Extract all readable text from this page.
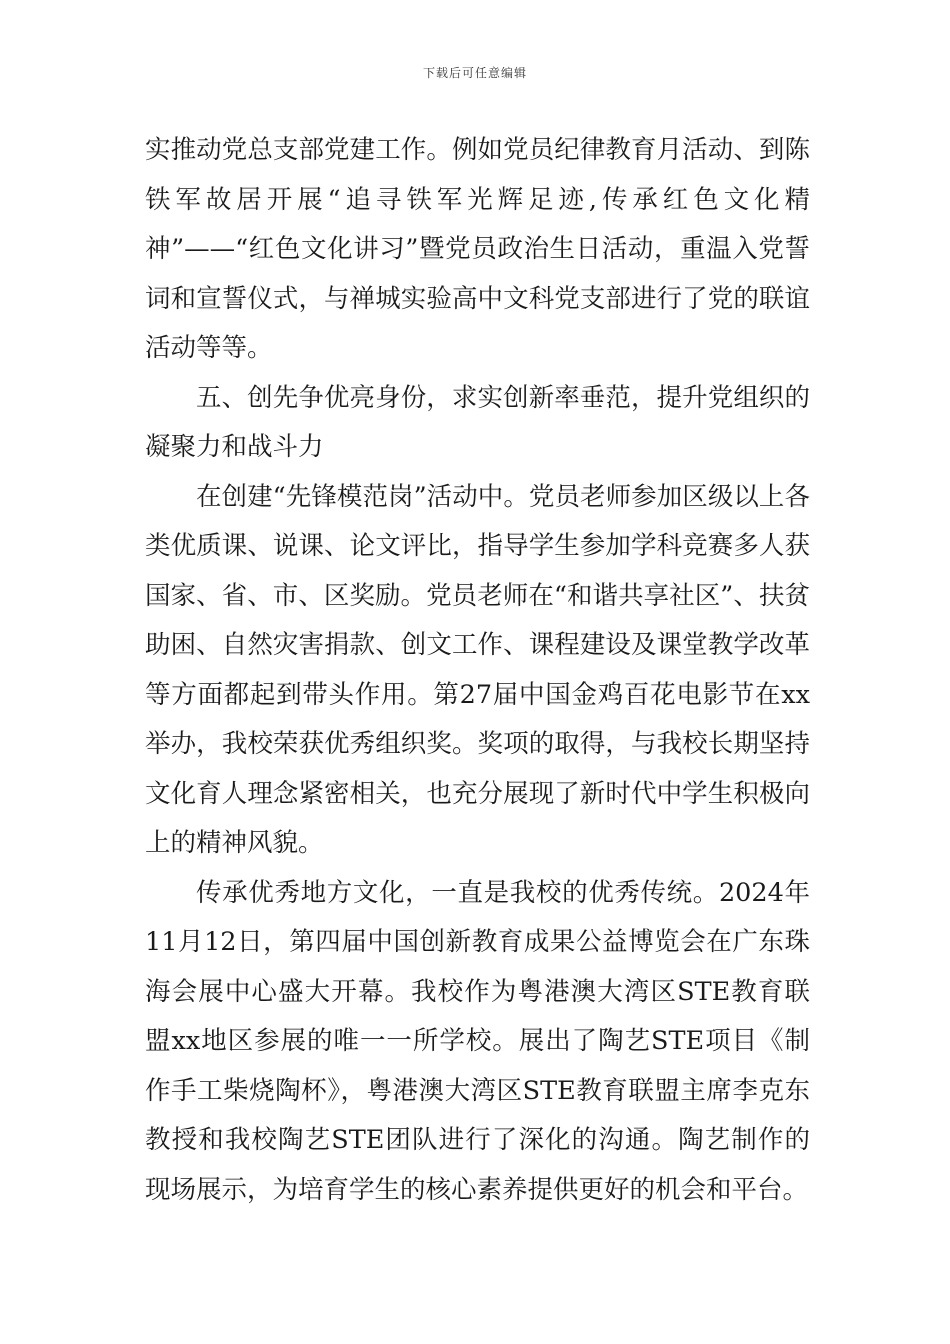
下载后可任意编辑

实推动党总支部党建工作。例如党员纪律教育月活动、到陈铁军故居开展“追寻铁军光辉足迹,传承红色文化精神”——“红色文化讲习”暨党员政治生日活动，重温入党誓词和宣誓仪式，与禅城实验高中文科党支部进行了党的联谊活动等等。

五、创先争优亮身份，求实创新率垂范，提升党组织的凝聚力和战斗力

在创建“先锋模范岗”活动中。党员老师参加区级以上各类优质课、说课、论文评比，指导学生参加学科竞赛多人获国家、省、市、区奖励。党员老师在“和谐共享社区”、扶贫助困、自然灾害捐款、创文工作、课程建设及课堂教学改革等方面都起到带头作用。第27届中国金鸡百花电影节在xx举办，我校荣获优秀组织奖。奖项的取得，与我校长期坚持文化育人理念紧密相关，也充分展现了新时代中学生积极向上的精神风貌。

传承优秀地方文化，一直是我校的优秀传统。2024年11月12日，第四届中国创新教育成果公益博览会在广东珠海会展中心盛大开幕。我校作为粤港澳大湾区STE教育联盟xx地区参展的唯一一所学校。展出了陶艺STE项目《制作手工柴烧陶杯》，粤港澳大湾区STE教育联盟主席李克东教授和我校陶艺STE团队进行了深化的沟通。陶艺制作的现场展示，为培育学生的核心素养提供更好的机会和平台。
